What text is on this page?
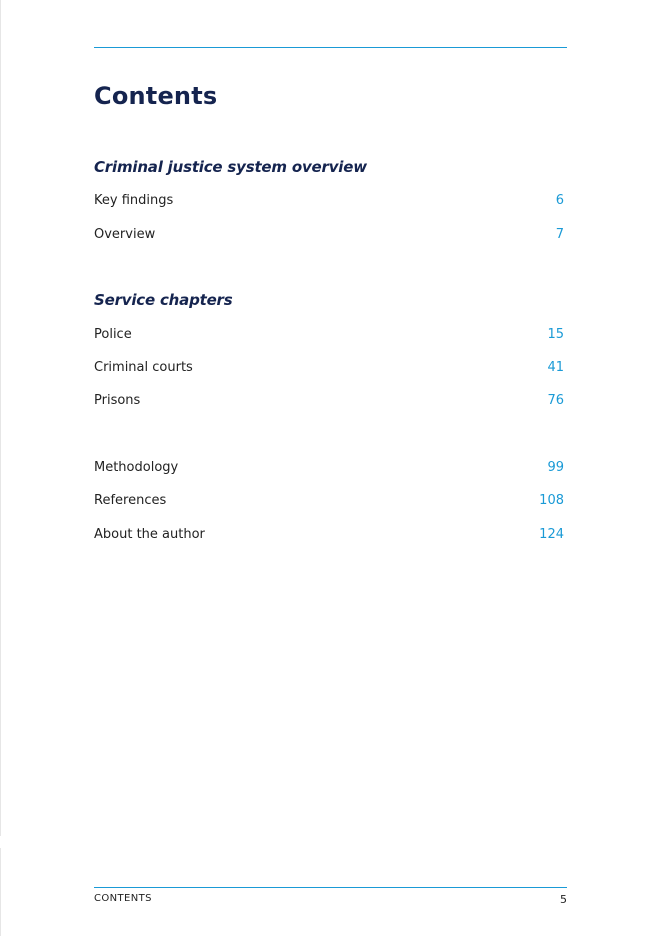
Contents
Criminal justice system overview
Key findings	6
Overview	7
Service chapters
Police	15
Criminal courts	41
Prisons	76
Methodology	99
References	108
About the author	124
CONTENTS	5
